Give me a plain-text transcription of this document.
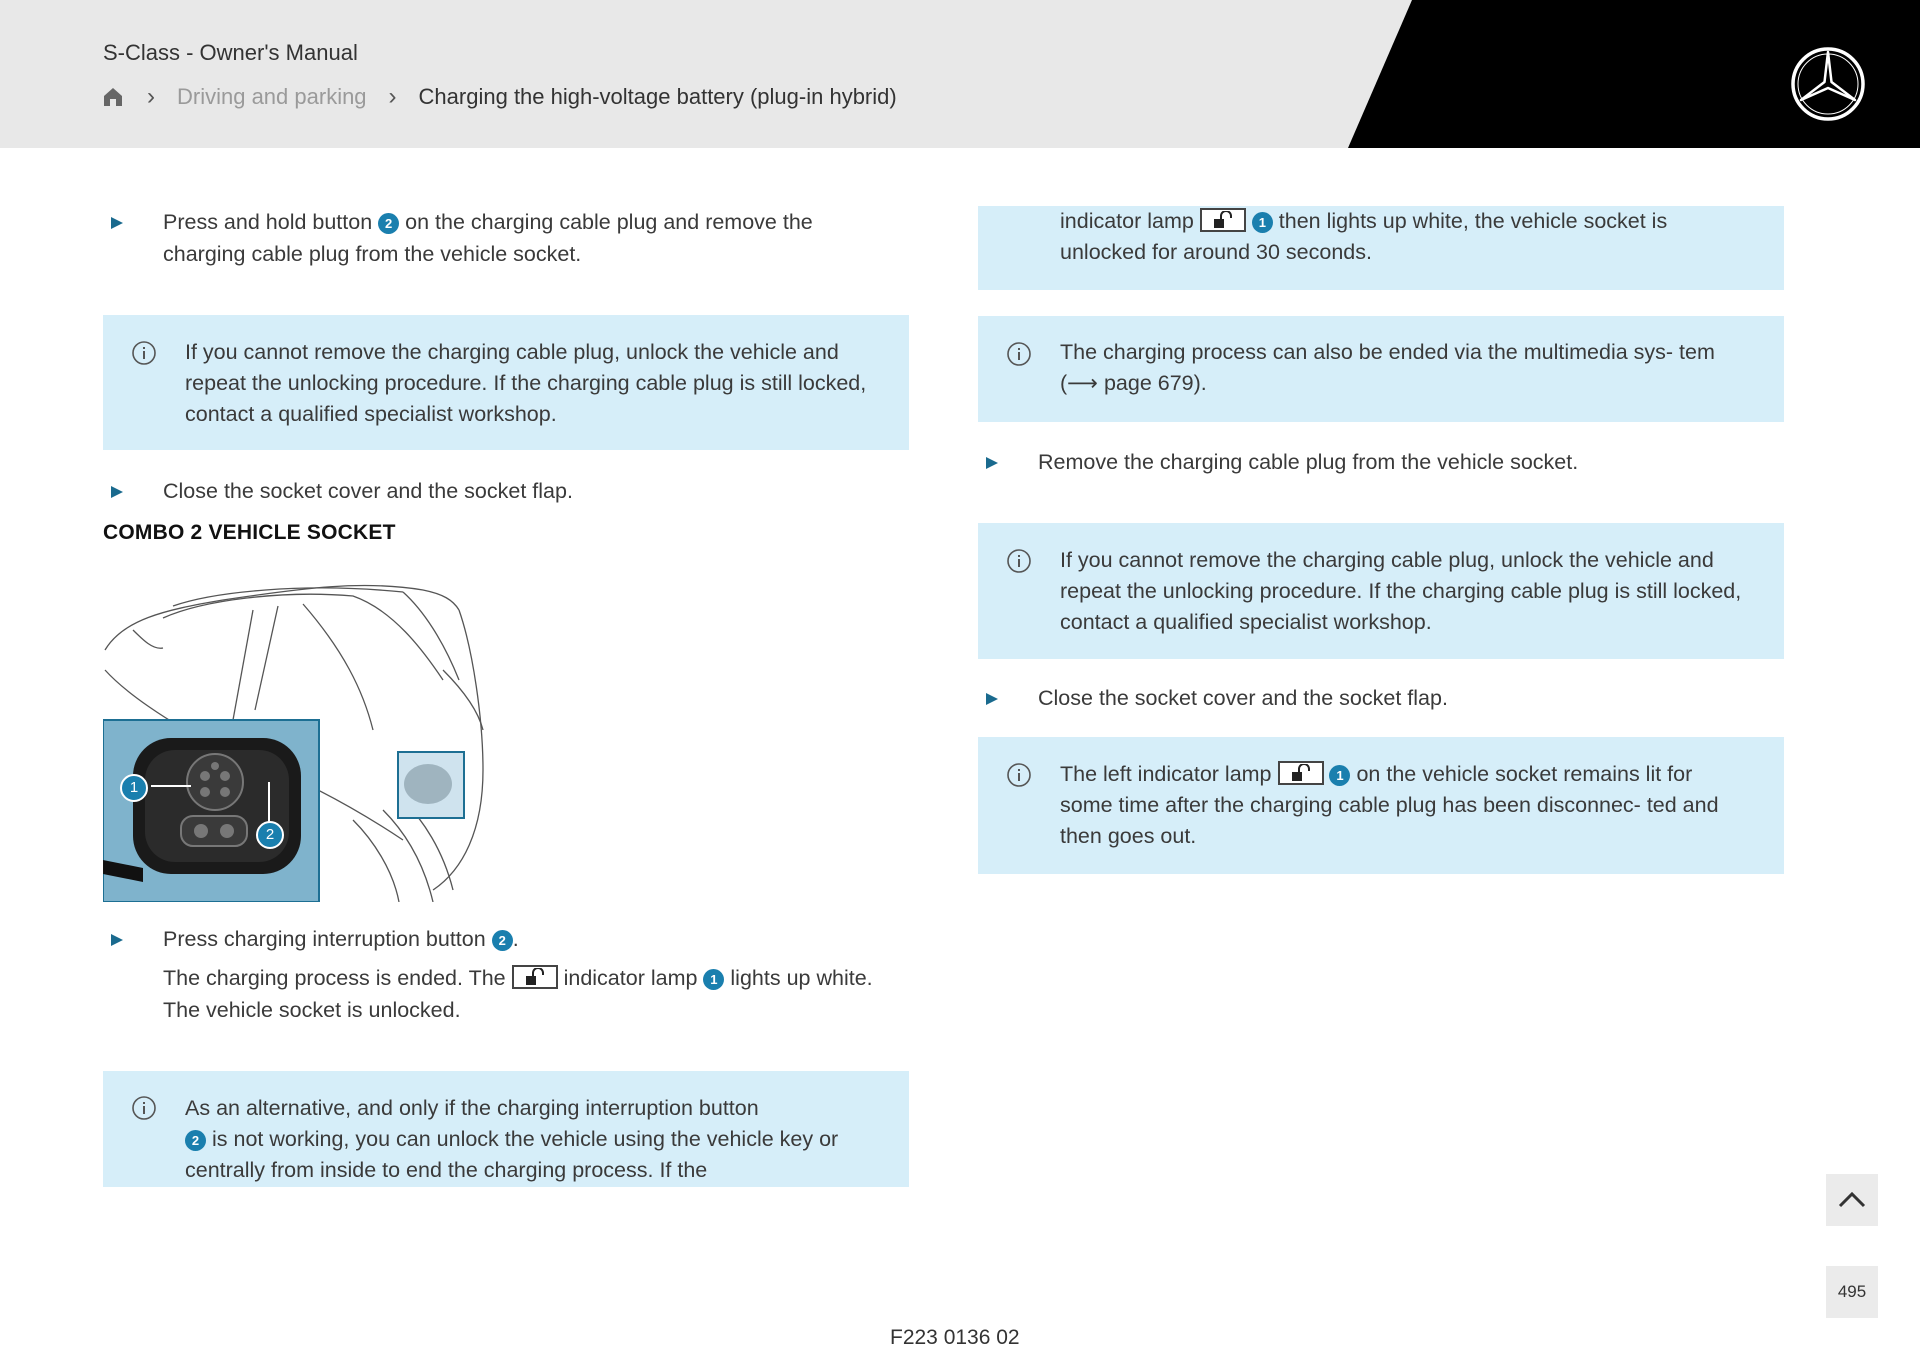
S-Class - Owner's Manual
› Driving and parking › Charging the high-voltage battery (plug-in hybrid)
Press and hold button 2 on the charging cable plug and remove the charging cable plug from the vehicle socket.
If you cannot remove the charging cable plug, unlock the vehicle and repeat the unlocking procedure. If the charging cable plug is still locked, contact a qualified specialist workshop.
Close the socket cover and the socket flap.
COMBO 2 VEHICLE SOCKET
1
2
Press charging interruption button 2 .
The charging process is ended. The	indicator lamp 1 lights up white. The vehicle socket is unlocked.
As an alternative, and only if the charging interruption button
2 is not working, you can unlock the vehicle using the vehicle key or centrally from inside to end the charging process. If the
indicator lamp	1 then lights up white, the vehicle socket is unlocked for around 30 seconds.
The charging process can also be ended via the multimedia sys- tem (⟶ page 679).
Remove the charging cable plug from the vehicle socket.
If you cannot remove the charging cable plug, unlock the vehicle and repeat the unlocking procedure. If the charging cable plug is still locked, contact a qualified specialist workshop.
Close the socket cover and the socket flap.
The left indicator lamp	1 on the vehicle socket remains lit for some time after the charging cable plug has been disconnec- ted and then goes out.
F223 0136 02
495
